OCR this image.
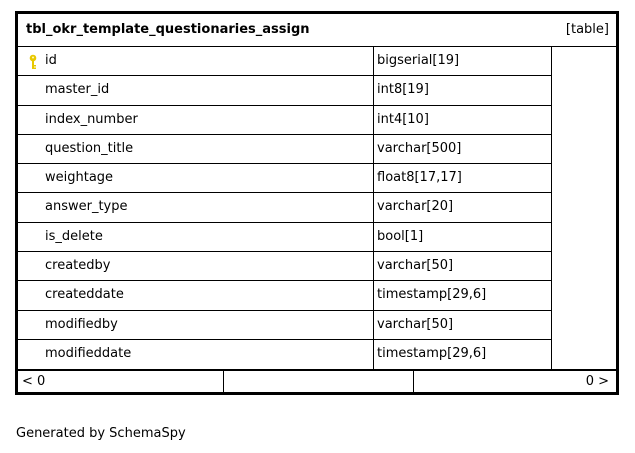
tbl_okr_template_questionaries_assign	[table]
id	bigserial[19]
master_id	int8[19]
index_number	int4[10]
question_title	varchar[500]
weightage	float8[17,17]
answer_type	varchar[20]
is_delete	bool[1]
createdby	varchar[50]
createddate	timestamp[29,6]
modifiedby	varchar[50]
modifieddate	timestamp[29,6]
< 0	0 >
Generated by SchemaSpy
